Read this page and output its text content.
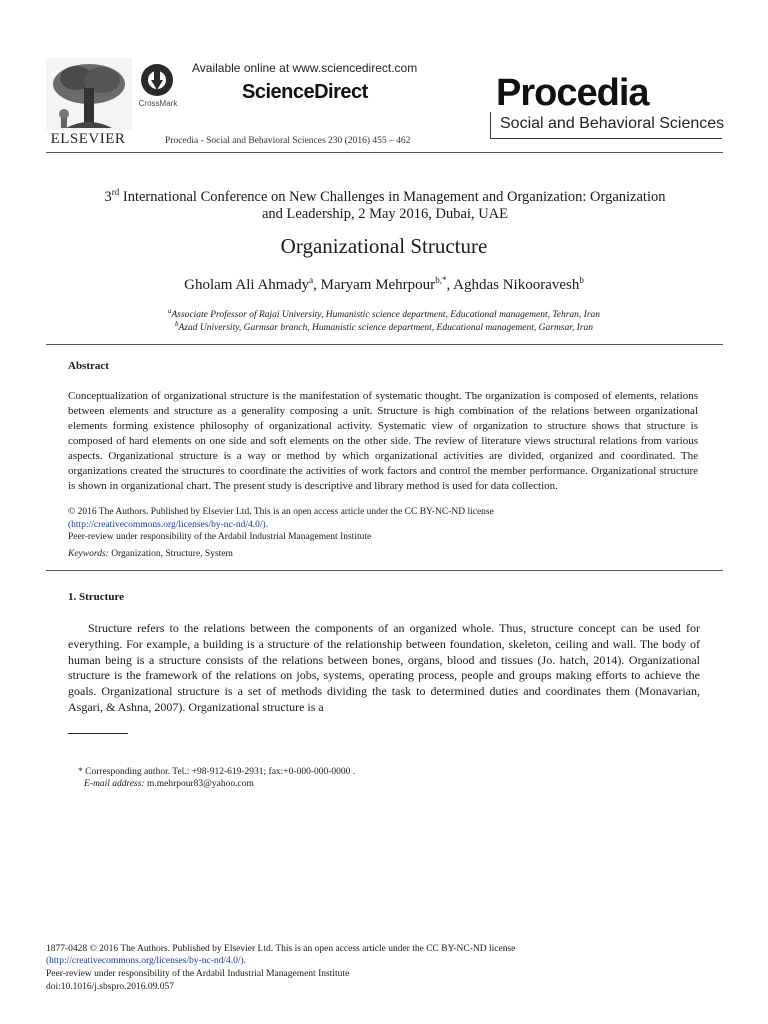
ELSEVIER
CrossMark
Available online at www.sciencedirect.com
ScienceDirect
Procedia - Social and Behavioral Sciences 230 (2016) 455 – 462
Procedia
Social and Behavioral Sciences
3rd International Conference on New Challenges in Management and Organization: Organization
and Leadership, 2 May 2016, Dubai, UAE
Organizational Structure
Gholam Ali Ahmady$^a$, Maryam Mehrpour$^{b,*}$, Aghdas Nikooravesh$^b$
$^a$Associate Professor of Rajai University, Humanistic science department, Educational management, Tehran, Iran
$^b$Azad University, Garmsar branch, Humanistic science department, Educational management, Garmsar, Iran
Abstract
Conceptualization of organizational structure is the manifestation of systematic thought. The organization is composed of elements, relations between elements and structure as a generality composing a unit. Structure is high combination of the relations between organizational elements forming existence philosophy of organizational activity. Systematic view of organization to structure shows that structure is composed of hard elements on one side and soft elements on the other side. The review of literature views structural relations from various aspects. Organizational structure is a way or method by which organizational activities are divided, organized and coordinated. The organizations created the structures to coordinate the activities of work factors and control the member performance. Organizational structure is shown in organizational chart. The present study is descriptive and library method is used for data collection.
© 2016 The Authors. Published by Elsevier Ltd. This is an open access article under the CC BY-NC-ND license
(http://creativecommons.org/licenses/by-nc-nd/4.0/).
Peer-review under responsibility of the Ardabil Industrial Management Institute
Keywords: Organization, Structure, System
1. Structure
Structure refers to the relations between the components of an organized whole. Thus, structure concept can be used for everything. For example, a building is a structure of the relationship between foundation, skeleton, ceiling and wall. The body of human being is a structure consists of the relations between bones, organs, blood and tissues (Jo. hatch, 2014). Organizational structure is the framework of the relations on jobs, systems, operating process, people and groups making efforts to achieve the goals. Organizational structure is a set of methods dividing the task to determined duties and coordinates them (Monavarian, Asgari, & Ashna, 2007). Organizational structure is a
* Corresponding author. Tel.: +98-912-619-2931; fax:+0-000-000-0000 .
E-mail address: m.mehrpour83@yahoo.com
1877-0428 © 2016 The Authors. Published by Elsevier Ltd. This is an open access article under the CC BY-NC-ND license
(http://creativecommons.org/licenses/by-nc-nd/4.0/).
Peer-review under responsibility of the Ardabil Industrial Management Institute
doi:10.1016/j.sbspro.2016.09.057
